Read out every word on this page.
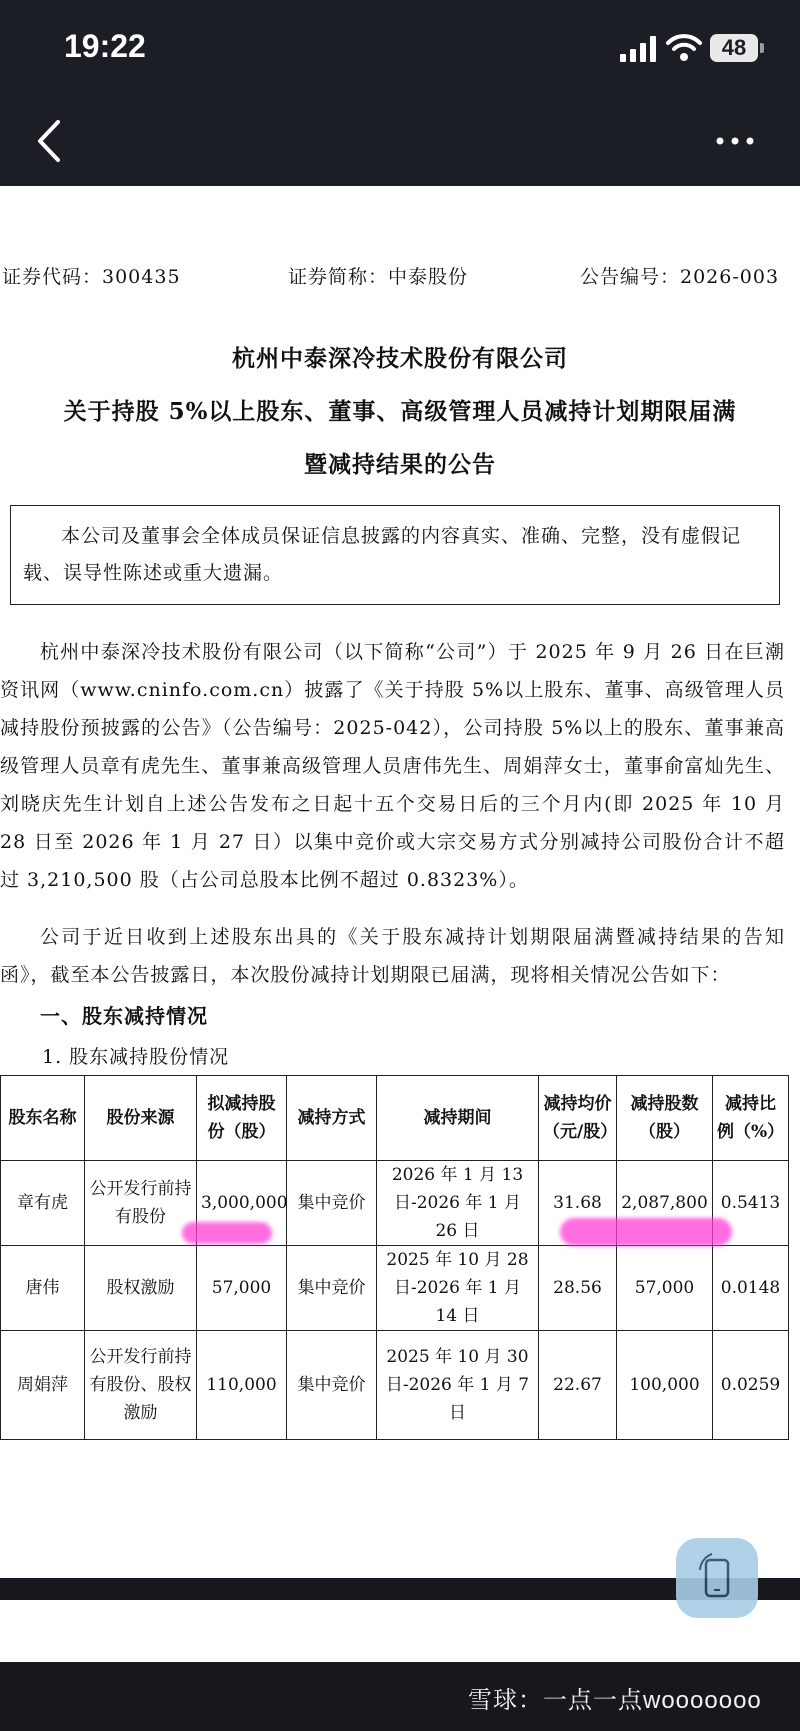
19:22	48
证券代码：300435	证券简称：中泰股份	公告编号：2026-003
杭州中泰深冷技术股份有限公司
关于持股 5%以上股东、董事、高级管理人员减持计划期限届满
暨减持结果的公告
本公司及董事会全体成员保证信息披露的内容真实、准确、完整，没有虚假记载、误导性陈述或重大遗漏。
杭州中泰深冷技术股份有限公司（以下简称“公司”）于 2025 年 9 月 26 日在巨潮资讯网（www.cninfo.com.cn）披露了《关于持股 5%以上股东、董事、高级管理人员减持股份预披露的公告》（公告编号：2025-042），公司持股 5%以上的股东、董事兼高级管理人员章有虎先生、董事兼高级管理人员唐伟先生、周娟萍女士，董事俞富灿先生、刘晓庆先生计划自上述公告发布之日起十五个交易日后的三个月内(即 2025 年 10 月 28 日至 2026 年 1 月 27 日）以集中竞价或大宗交易方式分别减持公司股份合计不超过 3,210,500 股（占公司总股本比例不超过 0.8323%）。
公司于近日收到上述股东出具的《关于股东减持计划期限届满暨减持结果的告知函》，截至本公告披露日，本次股份减持计划期限已届满，现将相关情况公告如下：
一、股东减持情况
1. 股东减持股份情况
股东名称	股份来源	拟减持股份（股）	减持方式	减持期间	减持均价（元/股）	减持股数（股）	减持比例（%）
章有虎	公开发行前持有股份	3,000,000	集中竞价	2026 年 1 月 13 日-2026 年 1 月 26 日	31.68	2,087,800	0.5413
唐伟	股权激励	57,000	集中竞价	2025 年 10 月 28 日-2026 年 1 月 14 日	28.56	57,000	0.0148
周娟萍	公开发行前持有股份、股权激励	110,000	集中竞价	2025 年 10 月 30 日-2026 年 1 月 7 日	22.67	100,000	0.0259
雪球：一点一点wooooooo
